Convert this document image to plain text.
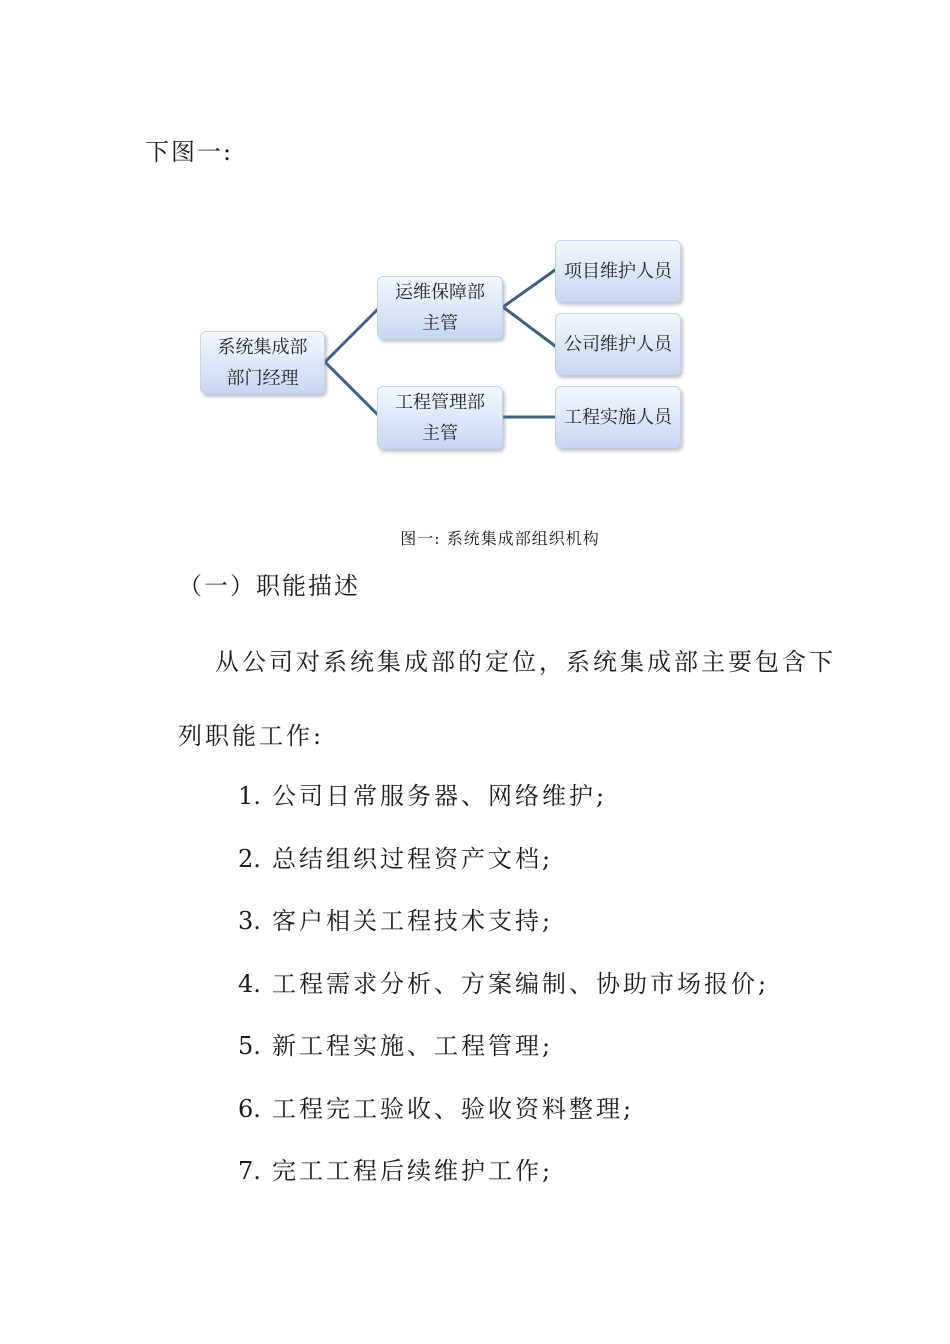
下图一:
系统集成部
部门经理
运维保障部
主管
工程管理部
主管
项目维护人员
公司维护人员
工程实施人员
图一: 系统集成部组织机构
（一）职能描述
从公司对系统集成部的定位，系统集成部主要包含下
列职能工作:
1. 公司日常服务器、网络维护;
2. 总结组织过程资产文档;
3. 客户相关工程技术支持;
4. 工程需求分析、方案编制、协助市场报价;
5. 新工程实施、工程管理;
6. 工程完工验收、验收资料整理;
7. 完工工程后续维护工作;
